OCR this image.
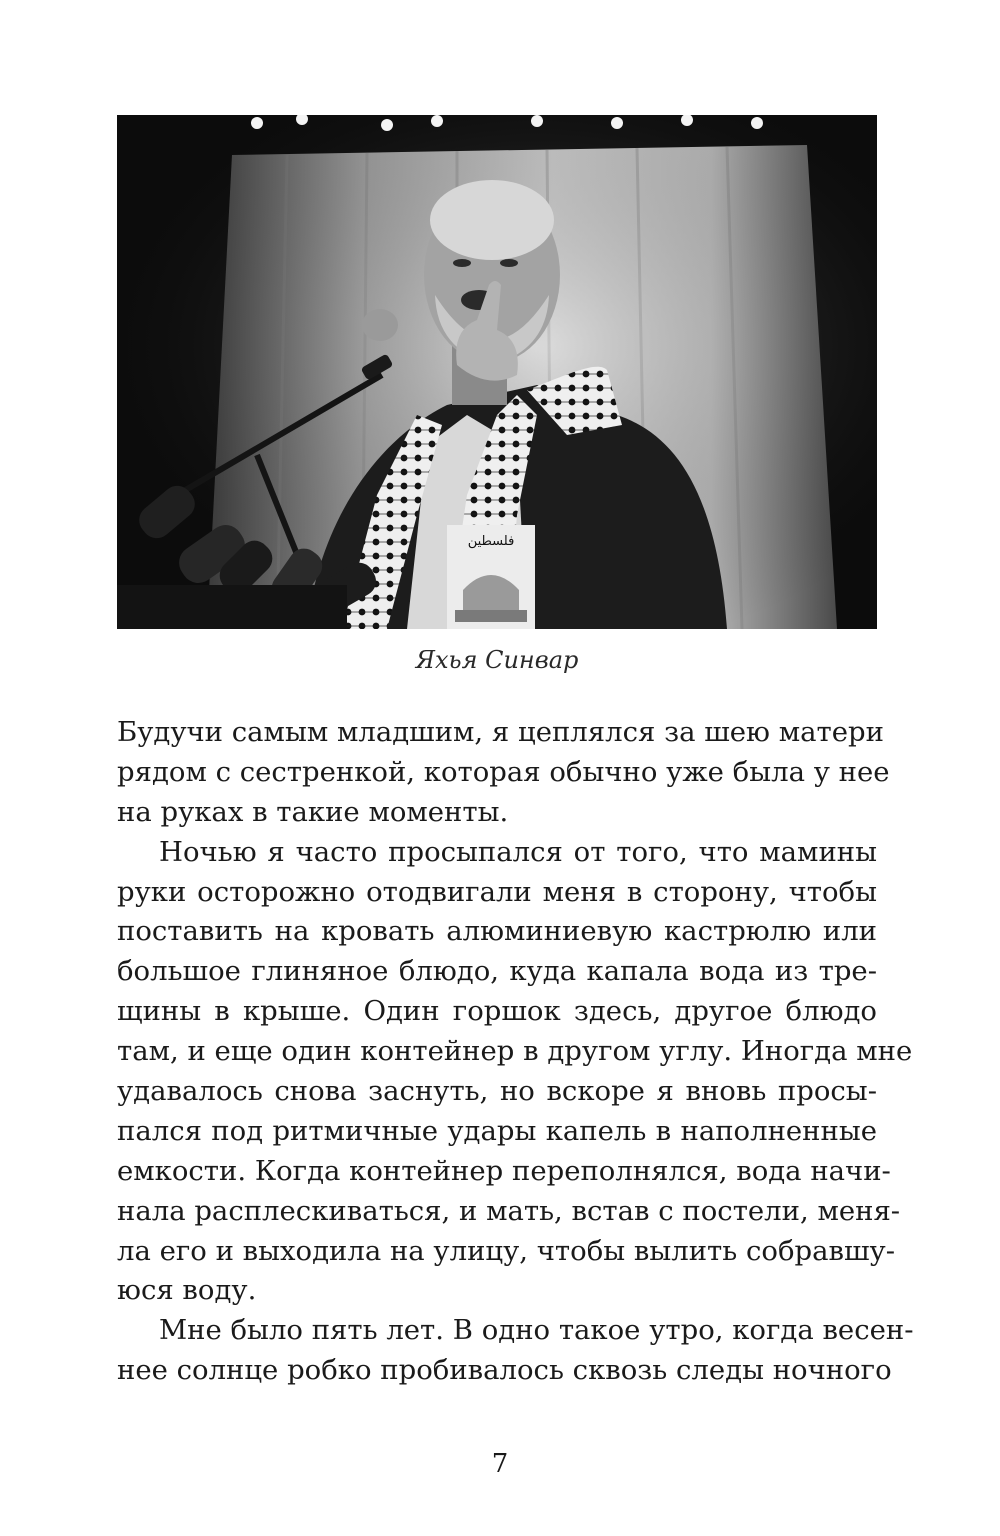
فلسطين
Яхья Синвар
Будучи самым младшим, я цеплялся за шею матери
рядом с сестренкой, которая обычно уже была у нее
на руках в такие моменты.
Ночью я часто просыпался от того, что мамины
руки осторожно отодвигали меня в сторону, чтобы
поставить на кровать алюминиевую кастрюлю или
большое глиняное блюдо, куда капала вода из тре-
щины в крыше. Один горшок здесь, другое блюдо
там, и еще один контейнер в другом углу. Иногда мне
удавалось снова заснуть, но вскоре я вновь просы-
пался под ритмичные удары капель в наполненные
емкости. Когда контейнер переполнялся, вода начи-
нала расплескиваться, и мать, встав с постели, меня-
ла его и выходила на улицу, чтобы вылить собравшу-
юся воду.
Мне было пять лет. В одно такое утро, когда весен-
нее солнце робко пробивалось сквозь следы ночного
7
